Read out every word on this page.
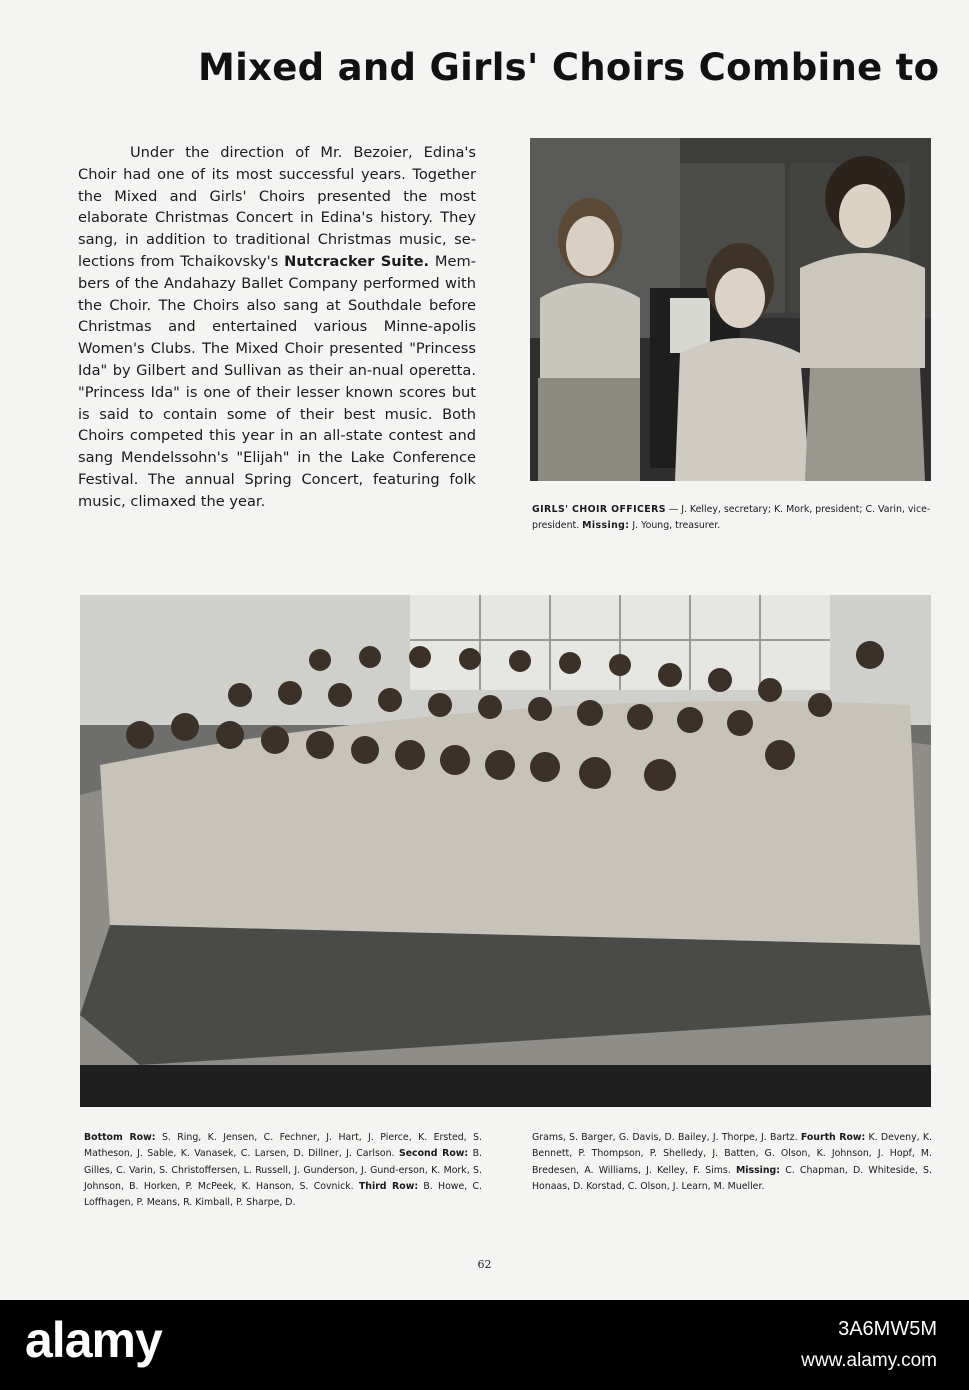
Mixed and Girls' Choirs Combine to
Under the direction of Mr. Bezoier, Edina's Choir had one of its most successful years. Together the Mixed and Girls' Choirs presented the most elaborate Christmas Concert in Edina's history. They sang, in addition to traditional Christmas music, se-lections from Tchaikovsky's Nutcracker Suite. Mem-bers of the Andahazy Ballet Company performed with the Choir. The Choirs also sang at Southdale before Christmas and entertained various Minne-apolis Women's Clubs. The Mixed Choir presented "Princess Ida" by Gilbert and Sullivan as their an-nual operetta. "Princess Ida" is one of their lesser known scores but is said to contain some of their best music. Both Choirs competed this year in an all-state contest and sang Mendelssohn's "Elijah" in the Lake Conference Festival. The annual Spring Concert, featuring folk music, climaxed the year.	GIRLS' CHOIR OFFICERS — J. Kelley, secretary; K. Mork, president; C. Varin, vice-president. Missing: J. Young, treasurer.
Bottom Row: S. Ring, K. Jensen, C. Fechner, J. Hart, J. Pierce, K. Ersted, S. Matheson, J. Sable, K. Vanasek, C. Larsen, D. Dillner, J. Carlson. Second Row: B. Gilles, C. Varin, S. Christoffersen, L. Russell, J. Gunderson, J. Gund-erson, K. Mork, S. Johnson, B. Horken, P. McPeek, K. Hanson, S. Covnick. Third Row: B. Howe, C. Loffhagen, P. Means, R. Kimball, P. Sharpe, D.
Grams, S. Barger, G. Davis, D. Bailey, J. Thorpe, J. Bartz. Fourth Row: K. Deveny, K. Bennett, P. Thompson, P. Shelledy, J. Batten, G. Olson, K. Johnson, J. Hopf, M. Bredesen, A. Williams, J. Kelley, F. Sims. Missing: C. Chapman, D. Whiteside, S. Honaas, D. Korstad, C. Olson, J. Learn, M. Mueller.
62
alamy	3A6MW5M
www.alamy.com
